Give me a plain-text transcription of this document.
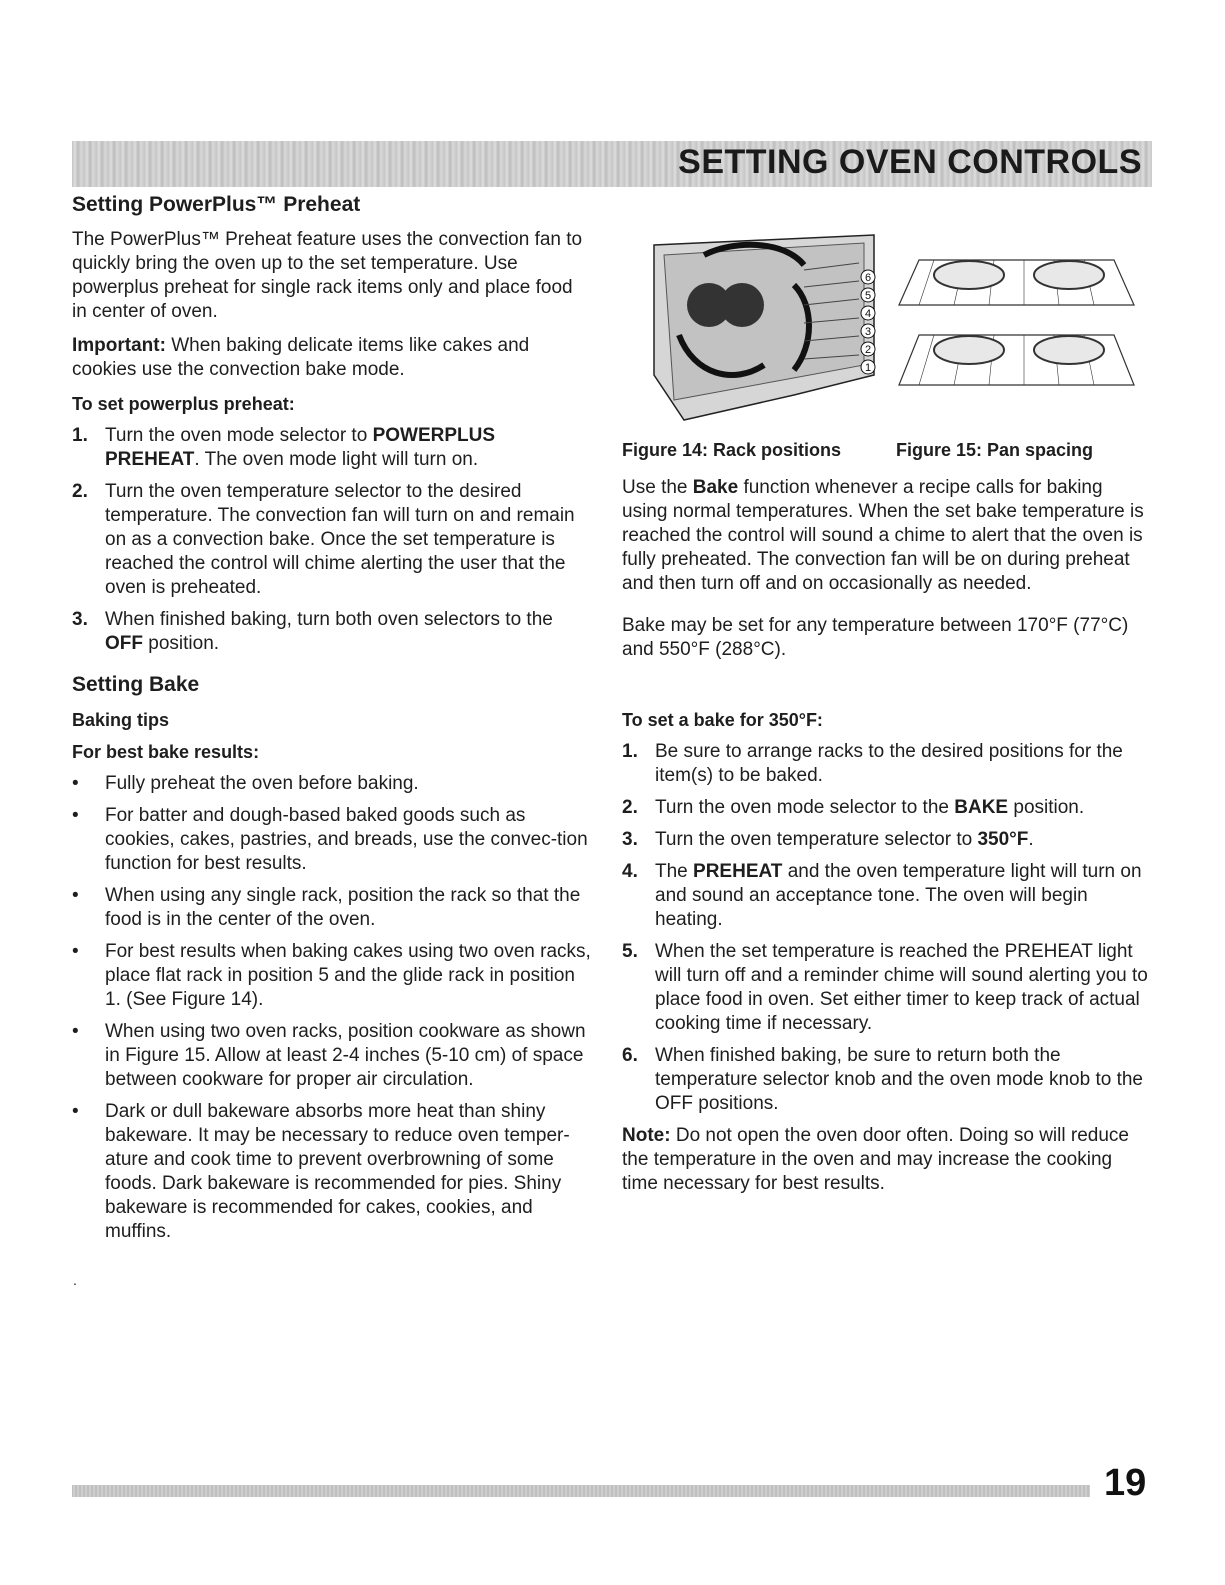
SETTING OVEN CONTROLS
Setting PowerPlus™ Preheat

The PowerPlus™ Preheat feature uses the convection fan to quickly bring the oven up to the set temperature. Use powerplus preheat for single rack items only and place food in center of oven.

Important: When baking delicate items like cakes and cookies use the convection bake mode.

To set powerplus preheat:
1. Turn the oven mode selector to POWERPLUS PREHEAT. The oven mode light will turn on.
2. Turn the oven temperature selector to the desired temperature. The convection fan will turn on and remain on as a convection bake. Once the set temperature is reached the control will chime alerting the user that the oven is preheated.
3. When finished baking, turn both oven selectors to the OFF position.
Setting Bake
Baking tips
For best bake results:
•	Fully preheat the oven before baking.
•	For batter and dough-based baked goods such as cookies, cakes, pastries, and breads, use the convec-tion function for best results.
•	When using any single rack, position the rack so that the food is in the center of the oven.
•	For best results when baking cakes using two oven racks, place flat rack in position 5 and the glide rack in position 1. (See Figure 14).
•	When using two oven racks, position cookware as shown in Figure 15. Allow at least 2-4 inches (5-10 cm) of space between cookware for proper air circulation.
•	Dark or dull bakeware absorbs more heat than shiny bakeware. It may be necessary to reduce oven temper-ature and cook time to prevent overbrowning of some foods. Dark bakeware is recommended for pies. Shiny bakeware is recommended for cakes, cookies, and muffins.
.
6
5
4
3
2
1
Figure 14: Rack positions	Figure 15: Pan spacing

Use the Bake function whenever a recipe calls for baking using normal temperatures. When the set bake temperature is reached the control will sound a chime to alert that the oven is fully preheated. The convection fan will be on during preheat and then turn off and on occasionally as needed.

Bake may be set for any temperature between 170°F (77°C) and 550°F (288°C).

To set a bake for 350°F:
1. Be sure to arrange racks to the desired positions for the item(s) to be baked.
2. Turn the oven mode selector to the BAKE position.
3. Turn the oven temperature selector to 350°F.
4. The PREHEAT and the oven temperature light will turn on and sound an acceptance tone. The oven will begin heating.
5. When the set temperature is reached the PREHEAT light will turn off and a reminder chime will sound alerting you to place food in oven. Set either timer to keep track of actual cooking time if necessary.
6. When finished baking, be sure to return both the temperature selector knob and the oven mode knob to the OFF positions.

Note: Do not open the oven door often. Doing so will reduce the temperature in the oven and may increase the cooking time necessary for best results.

19
